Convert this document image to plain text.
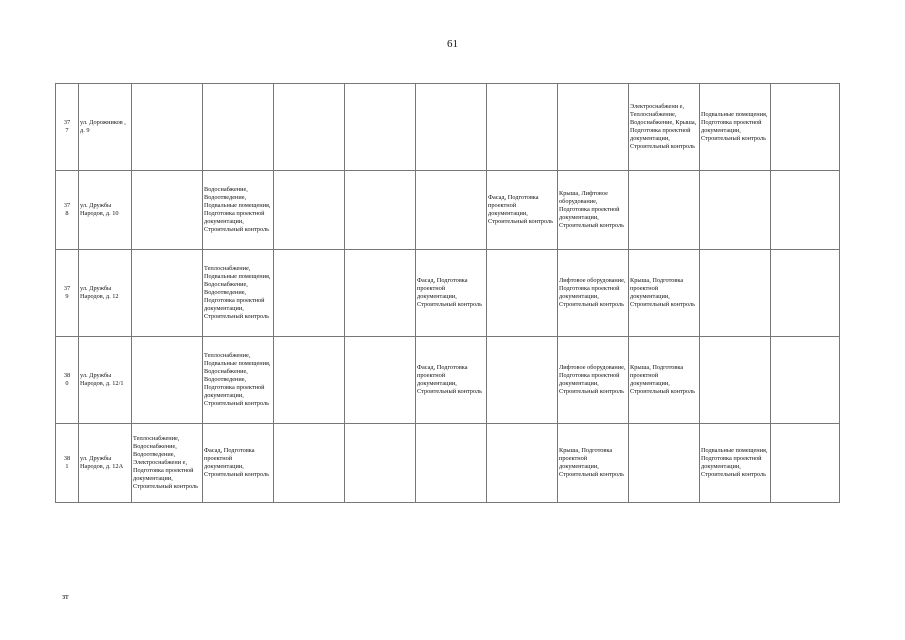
61
37
7	ул. Дорожников , д. 9								Электроснабжени е, Теплоснабжение, Водоснабжение, Крыша, Подготовка проектной документации, Строительный контроль	Подвальные помещения, Подготовка проектной документации, Строительный контроль	

37
8	ул. Дружбы Народов, д. 10		Водоснабжение, Водоотведение, Подвальные помещения, Подготовка проектной документации, Строительный контроль				Фасад, Подготовка проектной документации, Строительный контроль	Крыша, Лифтовое оборудование, Подготовка проектной документации, Строительный контроль			

37
9	ул. Дружбы Народов, д. 12		Теплоснабжение, Подвальные помещения, Водоснабжение, Водоотведение, Подготовка проектной документации, Строительный контроль			Фасад, Подготовка проектной документации, Строительный контроль		Лифтовое оборудование, Подготовка проектной документации, Строительный контроль	Крыша, Подготовка проектной документации, Строительный контроль		

38
0	ул. Дружбы Народов, д. 12/1		Теплоснабжение, Подвальные помещения, Водоснабжение, Водоотведение, Подготовка проектной документации, Строительный контроль			Фасад, Подготовка проектной документации, Строительный контроль		Лифтовое оборудование, Подготовка проектной документации, Строительный контроль	Крыша, Подготовка проектной документации, Строительный контроль		

38
1	ул. Дружбы Народов, д. 12А	Теплоснабжение, Водоснабжение, Водоотведение, Электроснабжени е, Подготовка проектной документации, Строительный контроль	Фасад, Подготовка проектной документации, Строительный контроль					Крыша, Подготовка проектной документации, Строительный контроль		Подвальные помещения, Подготовка проектной документации, Строительный контроль	
зт
